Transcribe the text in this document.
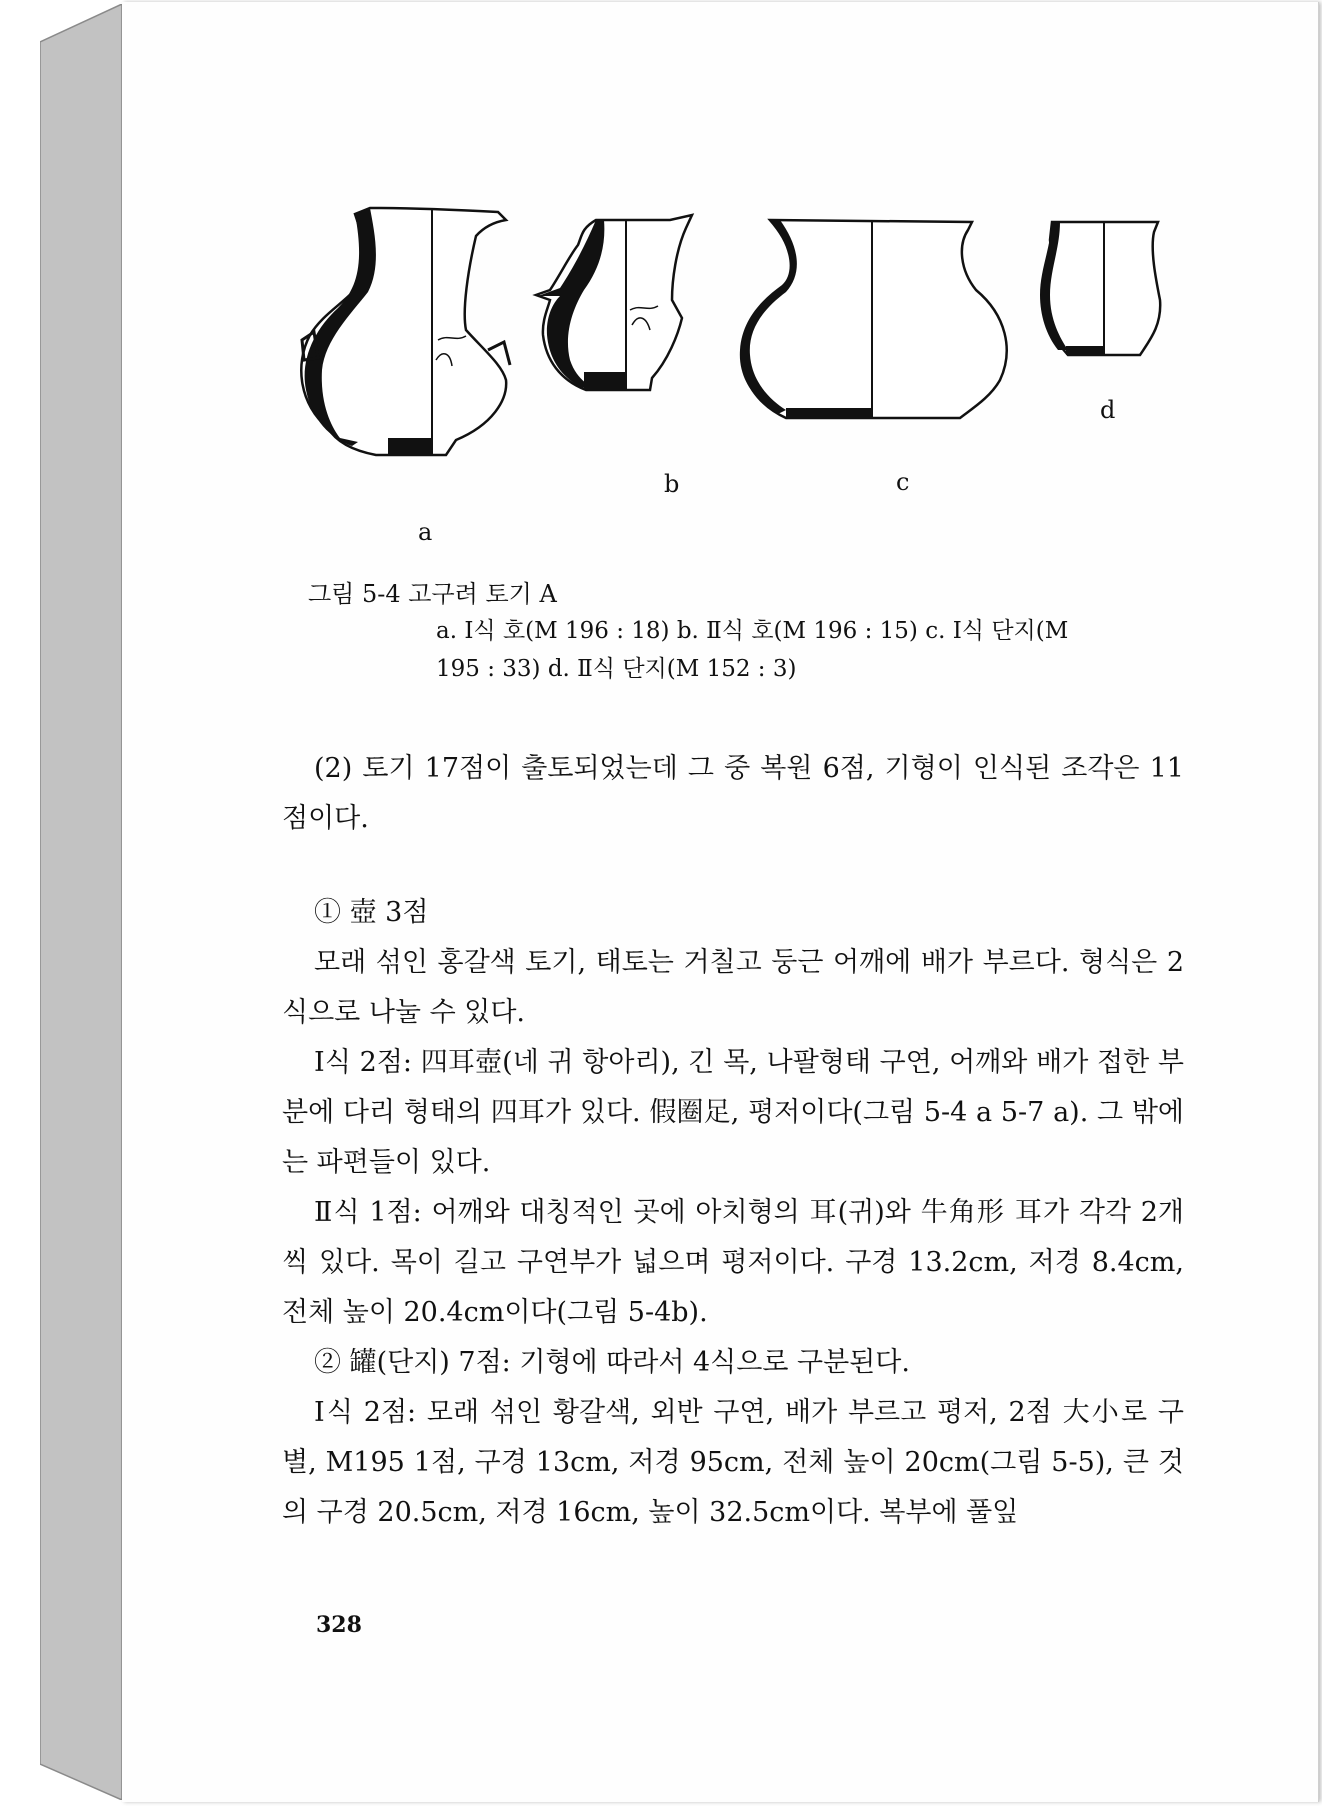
a
b	c
d
그림 5-4 고구려 토기 A
a. Ⅰ식 호(M 196 : 18) b. Ⅱ식 호(M 196 : 15) c. Ⅰ식 단지(M
195 : 33) d. Ⅱ식 단지(M 152 : 3)

(2) 토기 17점이 출토되었는데 그 중 복원 6점, 기형이 인식된 조각은 11점이다.

① 壺 3점

모래 섞인 홍갈색 토기, 태토는 거칠고 둥근 어깨에 배가 부르다. 형식은 2식으로 나눌 수 있다.

Ⅰ식 2점: 四耳壺(네 귀 항아리), 긴 목, 나팔형태 구연, 어깨와 배가 접한 부분에 다리 형태의 四耳가 있다. 假圈足, 평저이다(그림 5-4 a 5-7 a). 그 밖에는 파편들이 있다.

Ⅱ식 1점: 어깨와 대칭적인 곳에 아치형의 耳(귀)와 牛角形 耳가 각각 2개씩 있다. 목이 길고 구연부가 넓으며 평저이다. 구경 13.2cm, 저경 8.4cm, 전체 높이 20.4cm이다(그림 5-4b).

② 罐(단지) 7점: 기형에 따라서 4식으로 구분된다.

Ⅰ식 2점: 모래 섞인 황갈색, 외반 구연, 배가 부르고 평저, 2점 大小로 구별, M195 1점, 구경 13cm, 저경 95cm, 전체 높이 20cm(그림 5-5), 큰 것의 구경 20.5cm, 저경 16cm, 높이 32.5cm이다. 복부에 풀잎

328
